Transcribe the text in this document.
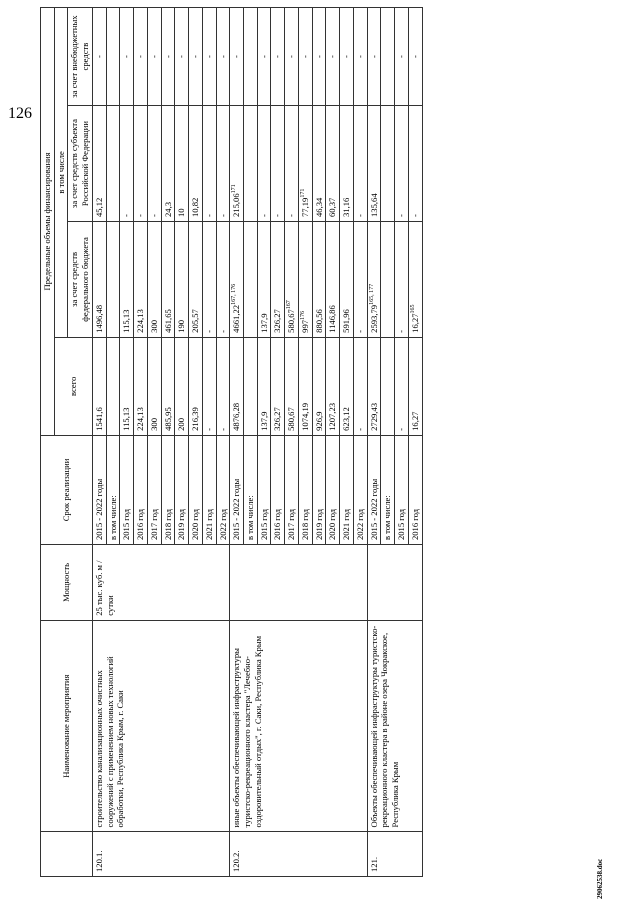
126
	Наименование мероприятия	Мощность	Срок реализации	Предельные объемы финансирования			
				всего	в том числе		
					за счет средств федерального бюджета	за счет средств субъекта Российской Федерации	за счет внебюджетных средств
120.1.	строительство канализационных очистных сооружений с применением новых технологий обработки, Республика Крым, г. Саки	25 тыс. куб. м / сутки	2015 - 2022 годы	1541,6	1496,48	45,12	-
			в том числе:				
			2015 год	115,13	115,13	-	-
			2016 год	224,13	224,13	-	-
			2017 год	300	300	-	-
			2018 год	485,95	461,65	24,3	-
			2019 год	200	190	10	-
			2020 год	216,39	205,57	10,82	-
			2021 год	-	-	-	-
			2022 год	-	-	-	-
120.2.	иные объекты обеспечивающей инфраструктуры туристско-рекреационного кластера "Лечебно-оздоровительный отдых", г. Саки, Республика Крым		2015 - 2022 годы	4876,28	4661,22$^{167, 176}$	215,06$^{171}$	-
			в том числе:				
			2015 год	137,9	137,9	-	-
			2016 год	326,27	326,27	-	-
			2017 год	580,67	580,67$^{167}$	-	-
			2018 год	1074,19	$997^{176}$	77,19$^{171}$	-
			2019 год	926,9	880,56	46,34	-
			2020 год	1207,23	1146,86	60,37	-
			2021 год	623,12	591,96	31,16	-
			2022 год	-	-	-	-
121.	Объекты обеспечивающей инфраструктуры туристско-рекреационного кластера в районе озера Чокракское, Республика Крым		2015 - 2022 годы	2729,43	2593,79$^{165, 177}$	135,64	-
			в том числе:				
			2015 год	-	-	-	-
			2016 год	16,27	16,27$^{165}$	-	-
29062538.doc
